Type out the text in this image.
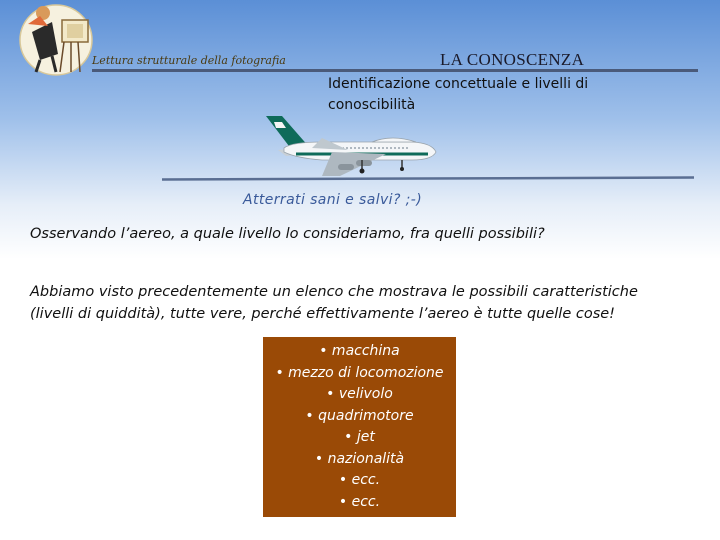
Lettura strutturale della fotografia	LA CONOSCENZA
Identificazione concettuale e livelli di conoscibilità
Atterrati sani e salvi? ;-)
Osservando l’aereo, a quale livello lo consideriamo, fra quelli possibili?
Abbiamo visto precedentemente un elenco che mostrava le possibili caratteristiche (livelli di quiddità), tutte vere, perché effettivamente l’aereo è tutte quelle cose!
• macchina
• mezzo di locomozione
• velivolo
• quadrimotore
• jet
• nazionalità
• ecc.
• ecc.
